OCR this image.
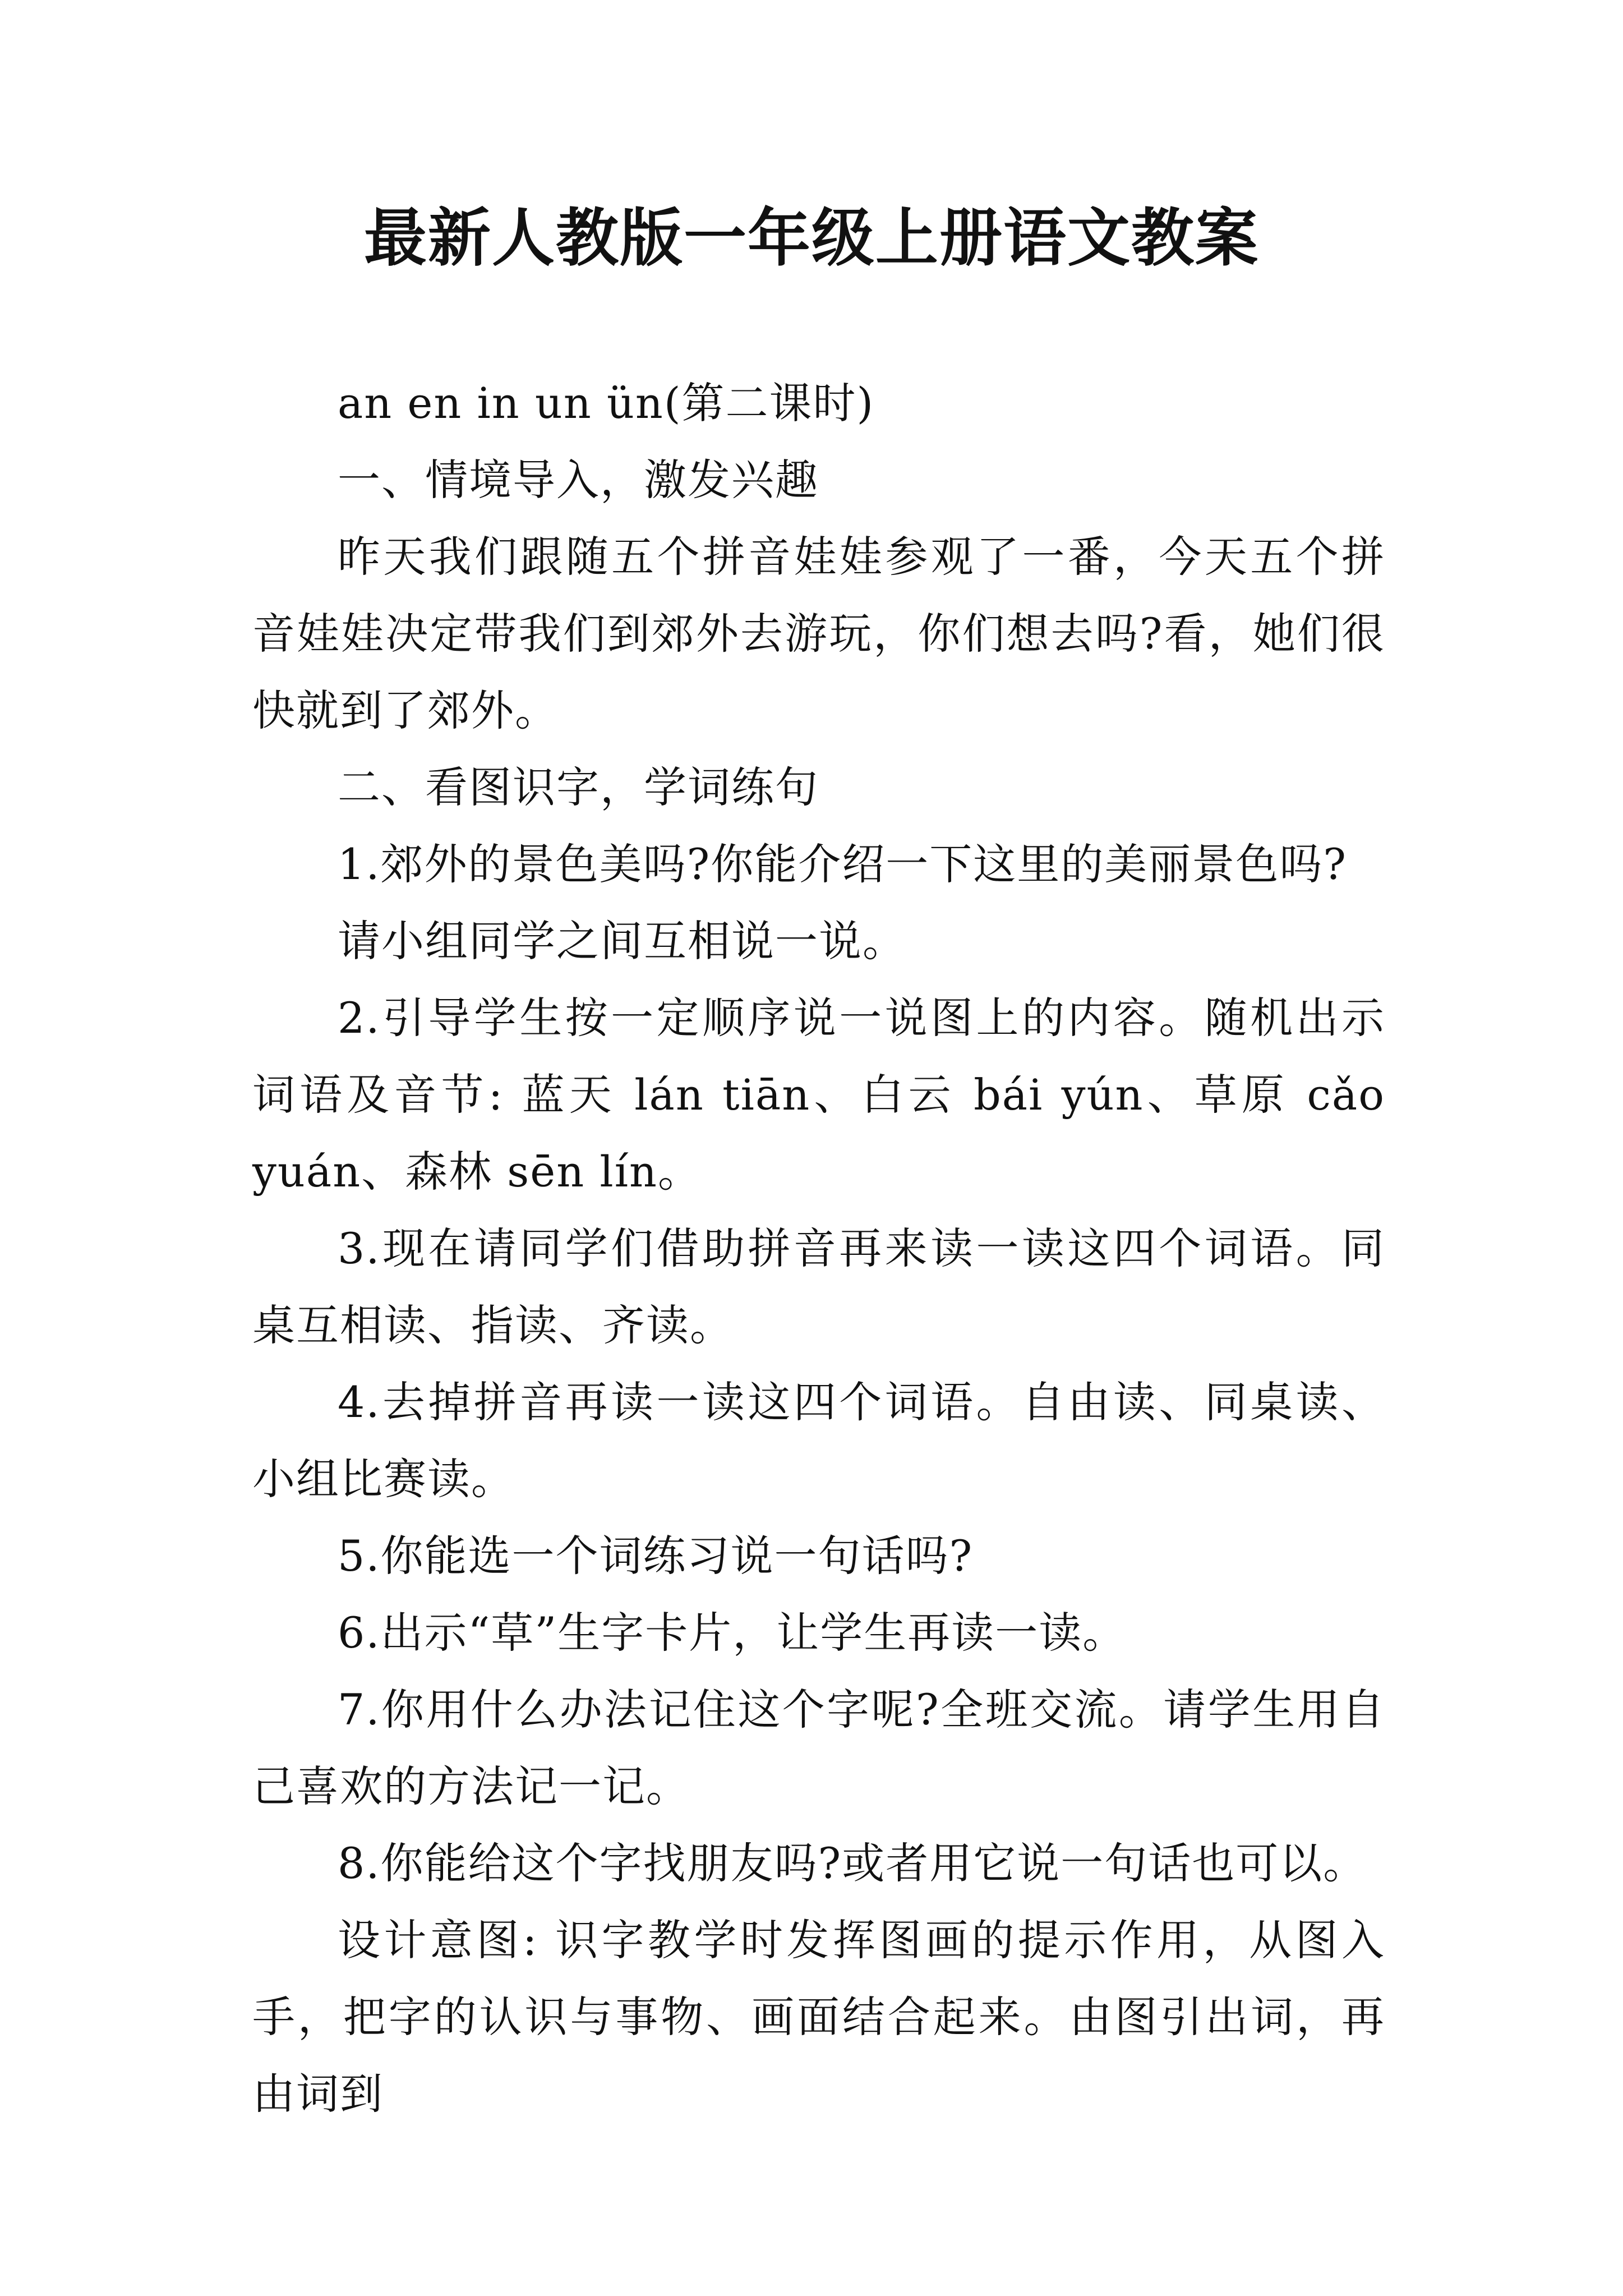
最新人教版一年级上册语文教案

an en in un ün(第二课时)

一、情境导入，激发兴趣

昨天我们跟随五个拼音娃娃参观了一番，今天五个拼音娃娃决定带我们到郊外去游玩，你们想去吗?看，她们很快就到了郊外。

二、看图识字，学词练句

1.郊外的景色美吗?你能介绍一下这里的美丽景色吗?

请小组同学之间互相说一说。

2.引导学生按一定顺序说一说图上的内容。随机出示词语及音节: 蓝天 lán tiān、白云 bái yún、草原 cǎo yuán、森林 sēn lín。

3.现在请同学们借助拼音再来读一读这四个词语。同桌互相读、指读、齐读。

4.去掉拼音再读一读这四个词语。自由读、同桌读、小组比赛读。

5.你能选一个词练习说一句话吗?

6.出示“草”生字卡片，让学生再读一读。

7.你用什么办法记住这个字呢?全班交流。请学生用自己喜欢的方法记一记。

8.你能给这个字找朋友吗?或者用它说一句话也可以。

设计意图: 识字教学时发挥图画的提示作用，从图入手，把字的认识与事物、画面结合起来。由图引出词，再由词到
